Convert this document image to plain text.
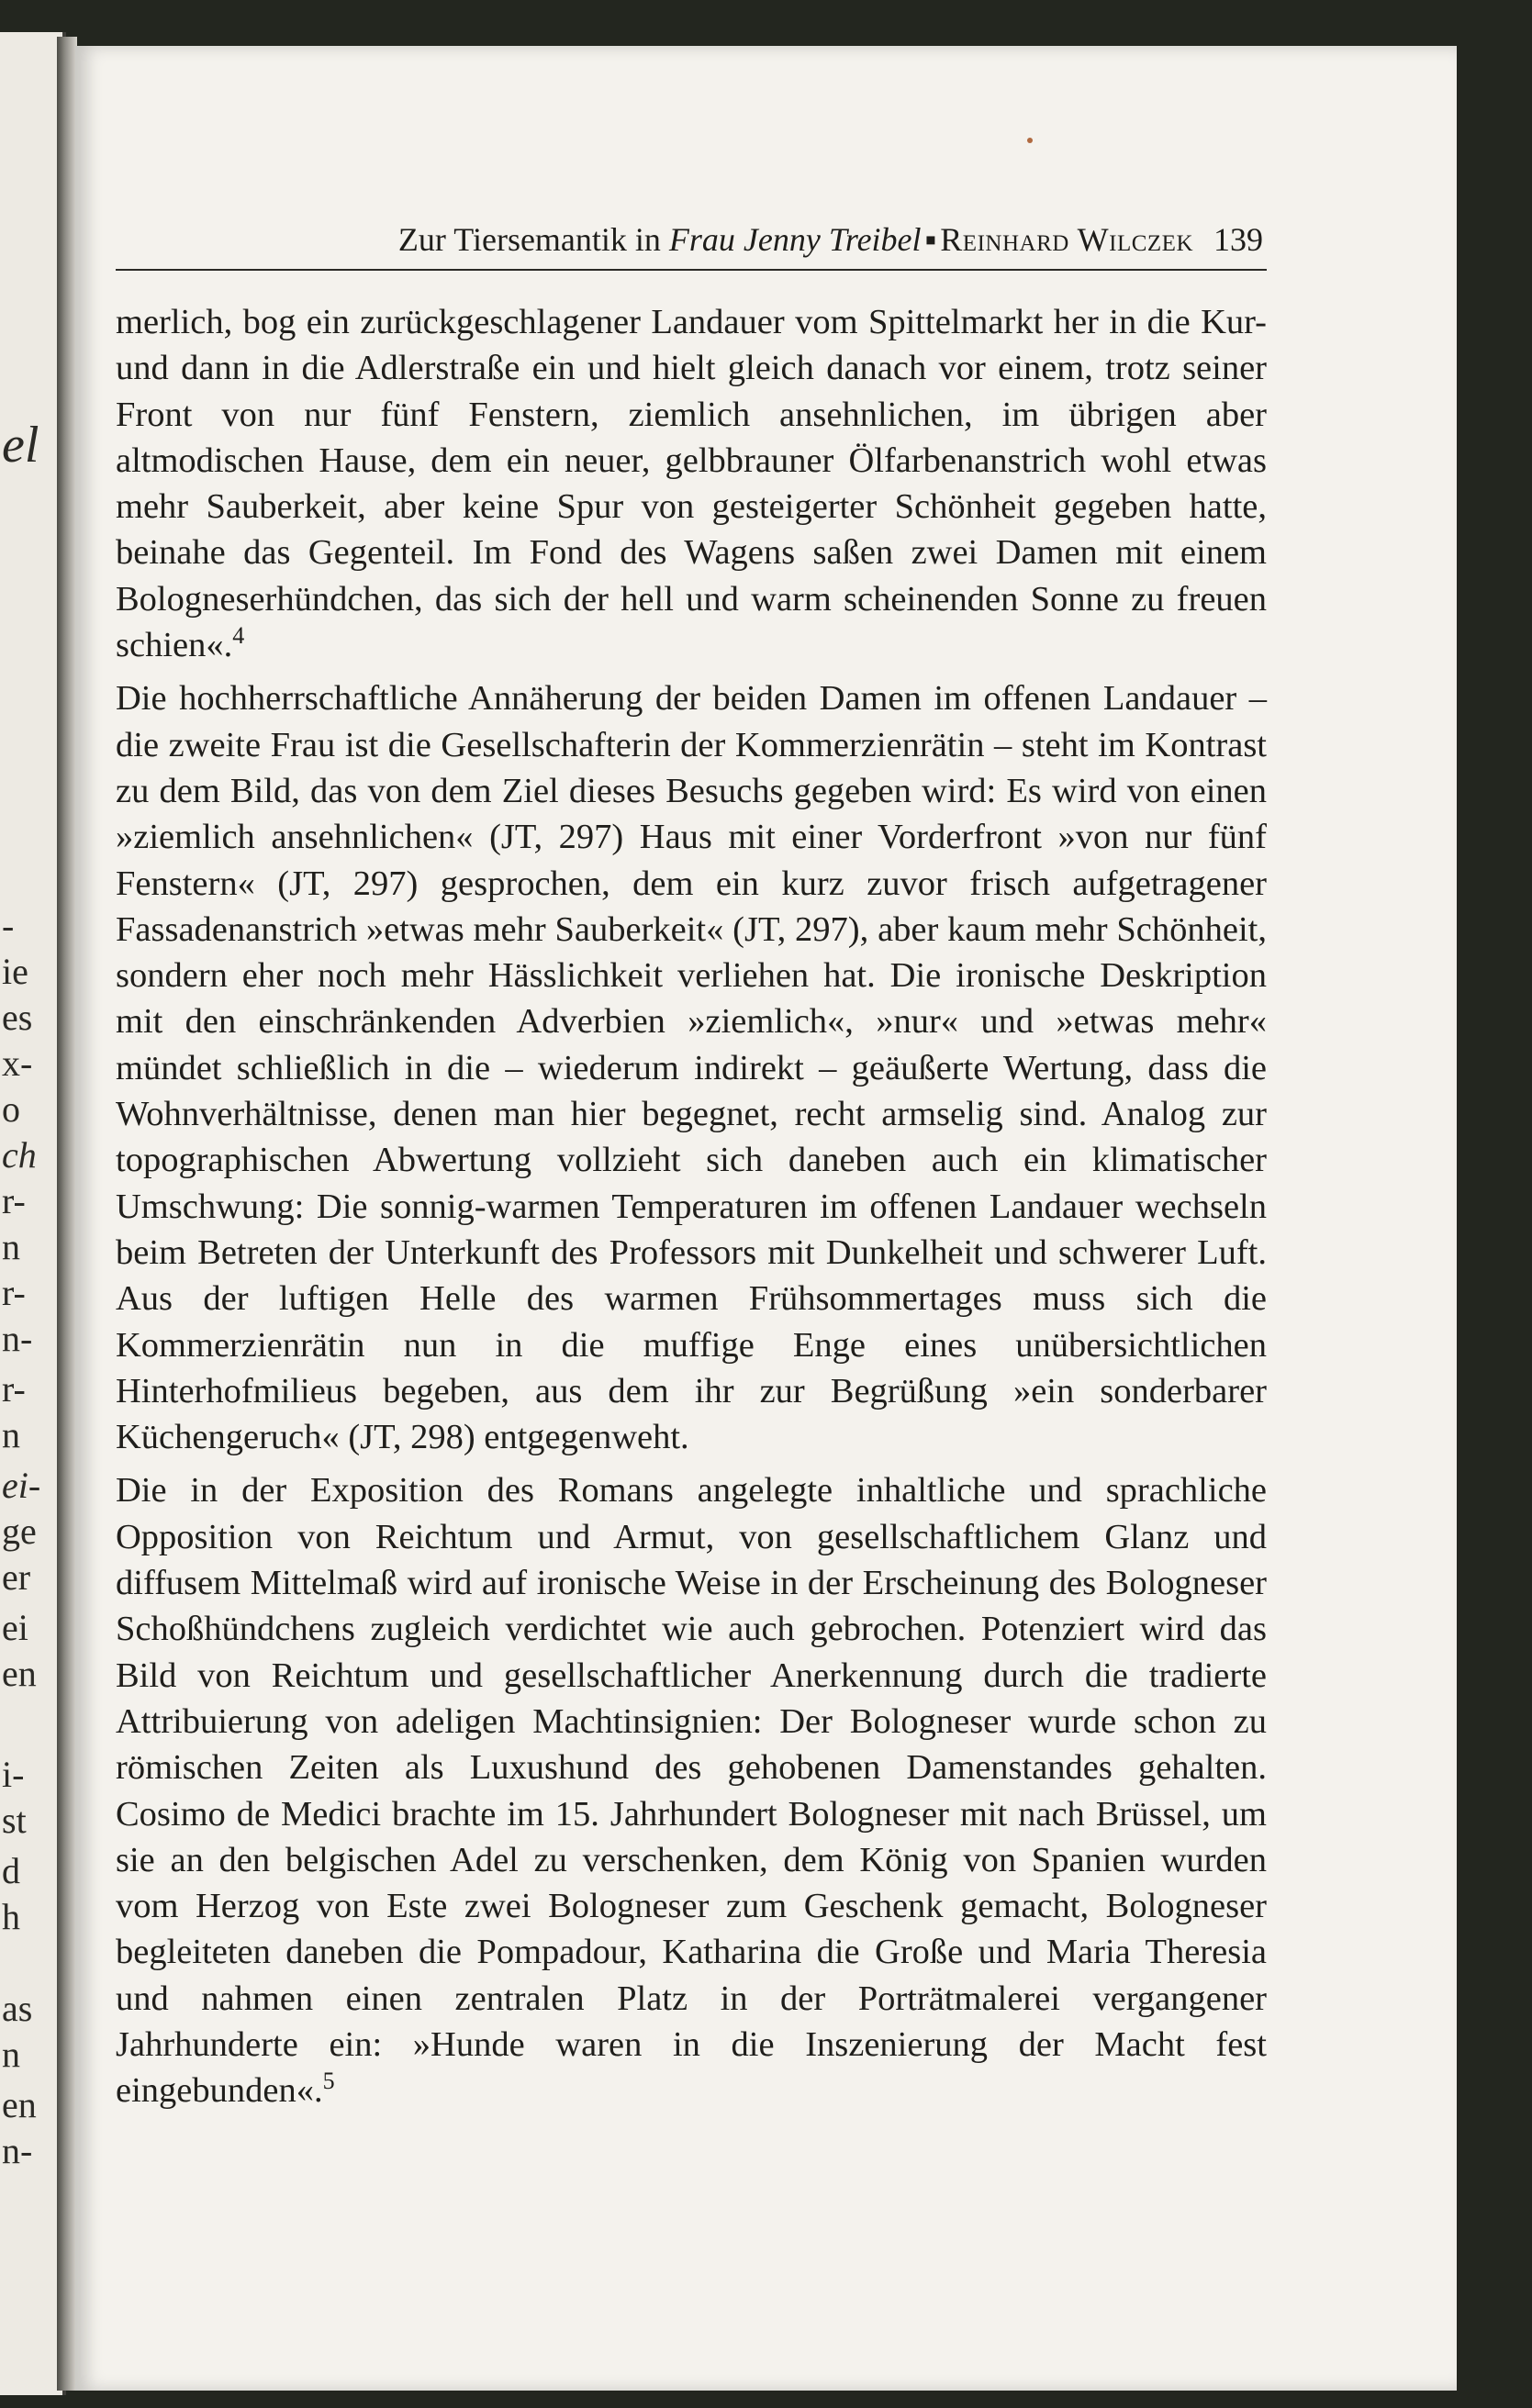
el
-
ie
es
x-
o
ch
r-
n
r-
n-
r-
n
ei-
ge
er
ei
en
i-
st
d
h
as
n
en
n-
Zur Tiersemantik in Frau Jenny Treibel ▪ Reinhard Wilczek 139

merlich, bog ein zurückgeschlagener Landauer vom Spittelmarkt her in die Kur- und dann in die Adlerstraße ein und hielt gleich danach vor einem, trotz seiner Front von nur fünf Fenstern, ziemlich ansehnlichen, im übrigen aber altmodischen Hause, dem ein neuer, gelbbrauner Ölfarbenanstrich wohl etwas mehr Sauberkeit, aber keine Spur von gesteigerter Schönheit gegeben hatte, beinahe das Gegenteil. Im Fond des Wagens saßen zwei Damen mit einem Bologneserhündchen, das sich der hell und warm scheinenden Sonne zu freuen schien«.$^4$

Die hochherrschaftliche Annäherung der beiden Damen im offenen Landauer – die zweite Frau ist die Gesellschafterin der Kommerzienrätin – steht im Kontrast zu dem Bild, das von dem Ziel dieses Besuchs gegeben wird: Es wird von einen »ziemlich ansehnlichen« (JT, 297) Haus mit einer Vorderfront »von nur fünf Fenstern« (JT, 297) gesprochen, dem ein kurz zuvor frisch aufgetragener Fassadenanstrich »etwas mehr Sauberkeit« (JT, 297), aber kaum mehr Schönheit, sondern eher noch mehr Hässlichkeit verliehen hat. Die ironische Deskription mit den einschränkenden Adverbien »ziemlich«, »nur« und »etwas mehr« mündet schließlich in die – wiederum indirekt – geäußerte Wertung, dass die Wohnverhältnisse, denen man hier begegnet, recht armselig sind. Analog zur topographischen Abwertung vollzieht sich daneben auch ein klimatischer Umschwung: Die sonnig-warmen Temperaturen im offenen Landauer wechseln beim Betreten der Unterkunft des Professors mit Dunkelheit und schwerer Luft. Aus der luftigen Helle des warmen Frühsommertages muss sich die Kommerzienrätin nun in die muffige Enge eines unübersichtlichen Hinterhofmilieus begeben, aus dem ihr zur Begrüßung »ein sonderbarer Küchengeruch« (JT, 298) entgegenweht.

Die in der Exposition des Romans angelegte inhaltliche und sprachliche Opposition von Reichtum und Armut, von gesellschaftlichem Glanz und diffusem Mittelmaß wird auf ironische Weise in der Erscheinung des Bologneser Schoßhündchens zugleich verdichtet wie auch gebrochen. Potenziert wird das Bild von Reichtum und gesellschaftlicher Anerkennung durch die tradierte Attribuierung von adeligen Machtinsignien: Der Bologneser wurde schon zu römischen Zeiten als Luxushund des gehobenen Damenstandes gehalten. Cosimo de Medici brachte im 15. Jahrhundert Bologneser mit nach Brüssel, um sie an den belgischen Adel zu verschenken, dem König von Spanien wurden vom Herzog von Este zwei Bologneser zum Geschenk gemacht, Bologneser begleiteten daneben die Pompadour, Katharina die Große und Maria Theresia und nahmen einen zentralen Platz in der Porträtmalerei vergangener Jahrhunderte ein: »Hunde waren in die Inszenierung der Macht fest eingebunden«.$^5$
